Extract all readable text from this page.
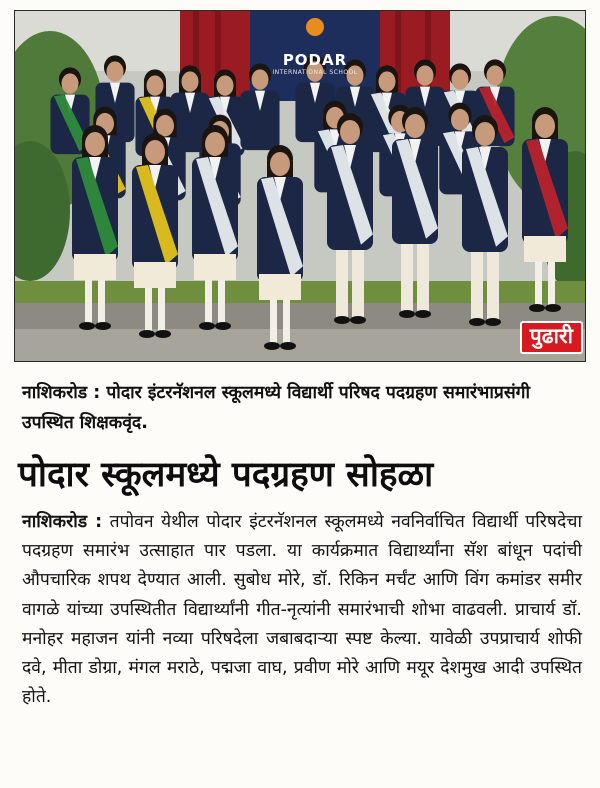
PODAR
INTERNATIONAL SCHOOL
पुढारी
नाशिकरोड : पोदार इंटरनॅशनल स्कूलमध्ये विद्यार्थी परिषद पदग्रहण समारंभाप्रसंगी उपस्थित शिक्षकवृंद.
पोदार स्कूलमध्ये पदग्रहण सोहळा
नाशिकरोड : तपोवन येथील पोदार इंटरनॅशनल स्कूलमध्ये नवनिर्वाचित विद्यार्थी परिषदेचा पदग्रहण समारंभ उत्साहात पार पडला. या कार्यक्रमात विद्यार्थ्यांना सॅश बांधून पदांची औपचारिक शपथ देण्यात आली. सुबोध मोरे, डॉ. रिकिन मर्चंट आणि विंग कमांडर समीर वागळे यांच्या उपस्थितीत विद्यार्थ्यांनी गीत-नृत्यांनी समारंभाची शोभा वाढवली. प्राचार्य डॉ. मनोहर महाजन यांनी नव्या परिषदेला जबाबदाऱ्या स्पष्ट केल्या. यावेळी उपप्राचार्य शोफी दवे, मीता डोग्रा, मंगल मराठे, पद्मजा वाघ, प्रवीण मोरे आणि मयूर देशमुख आदी उपस्थित होते.
